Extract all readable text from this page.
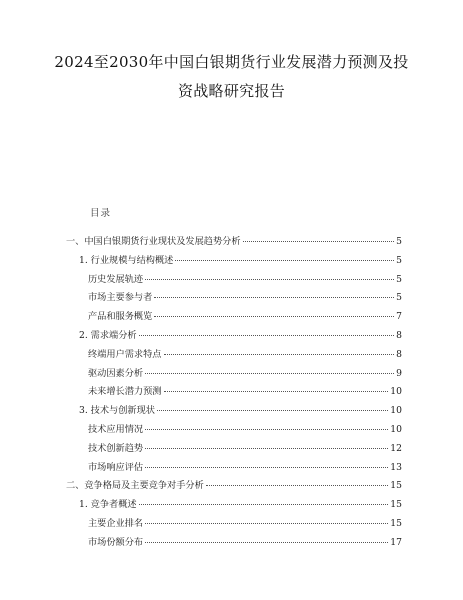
2024至2030年中国白银期货行业发展潜力预测及投
资战略研究报告
目录
一、中国白银期货行业现状及发展趋势分析	5
1. 行业规模与结构概述	5
历史发展轨迹	5
市场主要参与者	5
产品和服务概览	7
2. 需求端分析	8
终端用户需求特点	8
驱动因素分析	9
未来增长潜力预测	10
3. 技术与创新现状	10
技术应用情况	10
技术创新趋势	12
市场响应评估	13
二、竞争格局及主要竞争对手分析	15
1. 竞争者概述	15
主要企业排名	15
市场份额分布	17
